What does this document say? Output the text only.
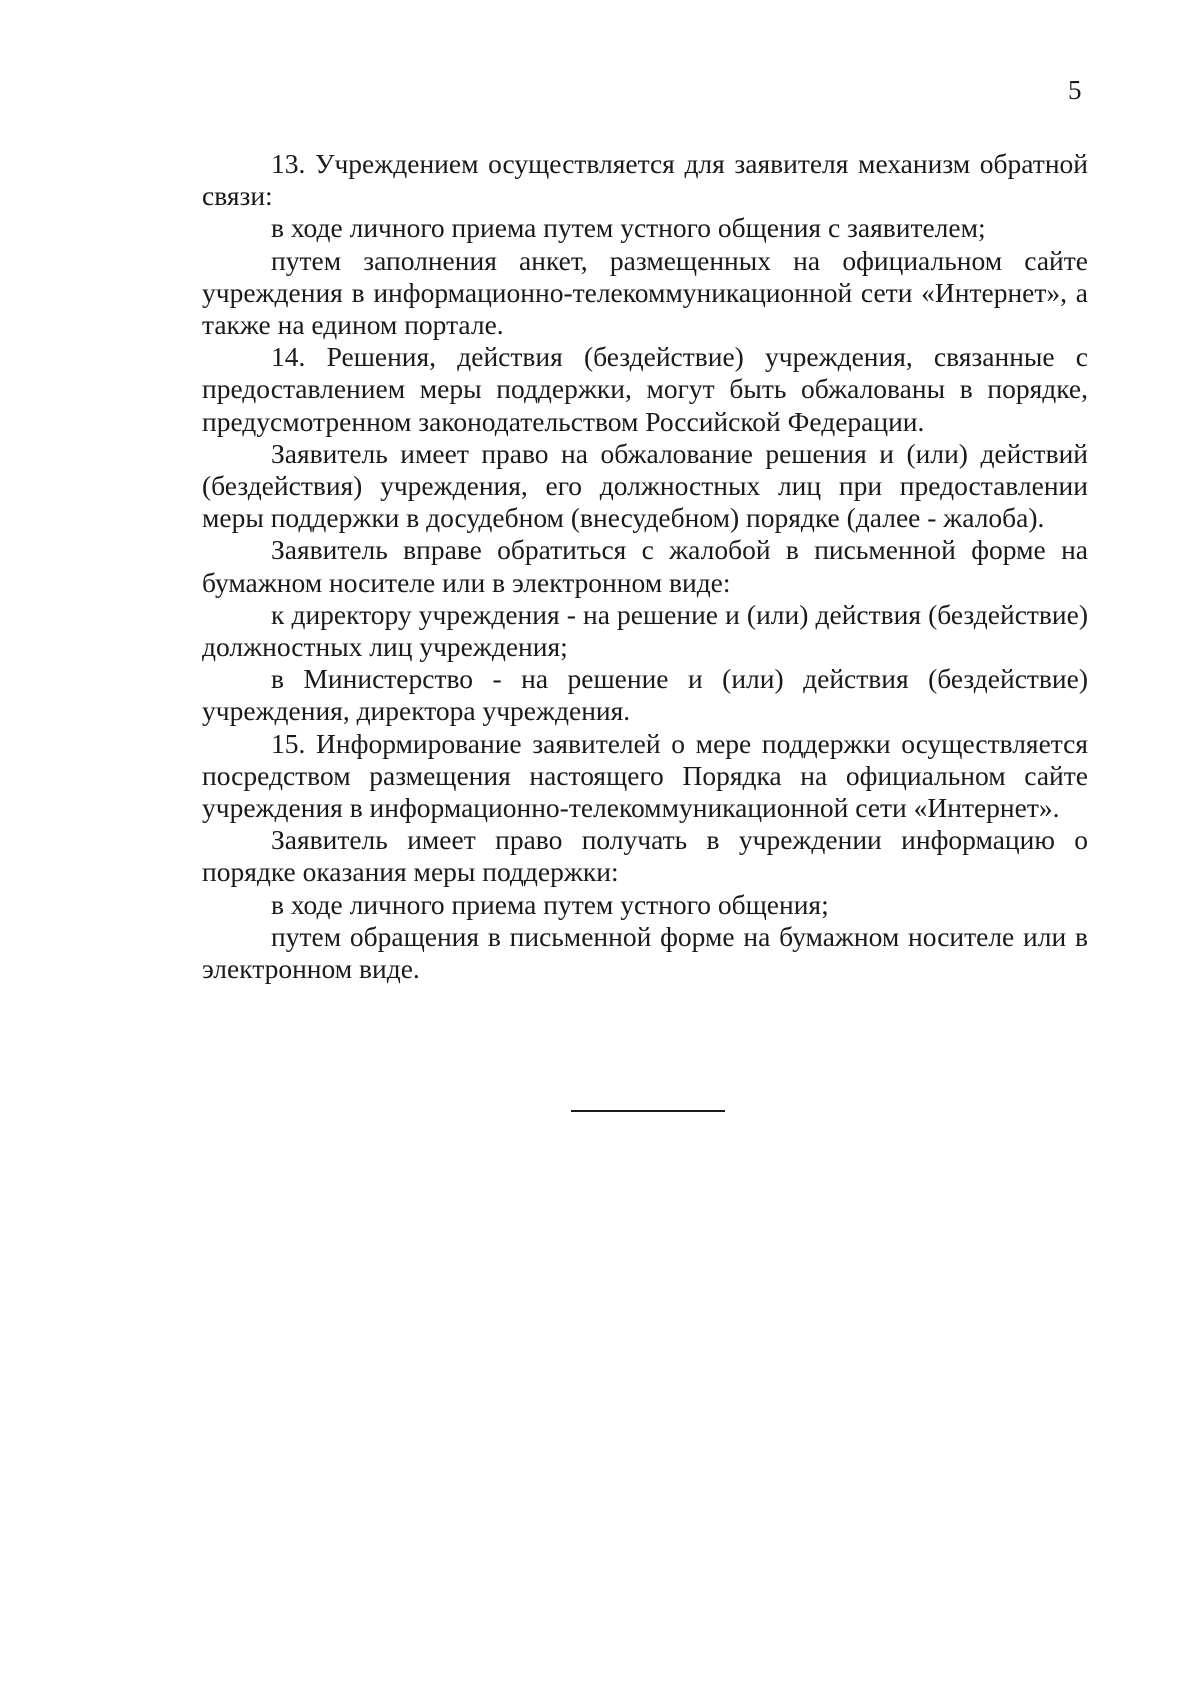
5

13. Учреждением осуществляется для заявителя механизм обратной связи:

в ходе личного приема путем устного общения с заявителем;

путем заполнения анкет, размещенных на официальном сайте учреждения в информационно-телекоммуникационной сети «Интернет», а также на едином портале.

14. Решения, действия (бездействие) учреждения, связанные с предоставлением меры поддержки, могут быть обжалованы в порядке, предусмотренном законодательством Российской Федерации.

Заявитель имеет право на обжалование решения и (или) действий (бездействия) учреждения, его должностных лиц при предоставлении меры поддержки в досудебном (внесудебном) порядке (далее - жалоба).

Заявитель вправе обратиться с жалобой в письменной форме на бумажном носителе или в электронном виде:

к директору учреждения - на решение и (или) действия (бездействие) должностных лиц учреждения;

в Министерство - на решение и (или) действия (бездействие) учреждения, директора учреждения.

15. Информирование заявителей о мере поддержки осуществляется посредством размещения настоящего Порядка на официальном сайте учреждения в информационно-телекоммуникационной сети «Интернет».

Заявитель имеет право получать в учреждении информацию о порядке оказания меры поддержки:

в ходе личного приема путем устного общения;

путем обращения в письменной форме на бумажном носителе или в электронном виде.
